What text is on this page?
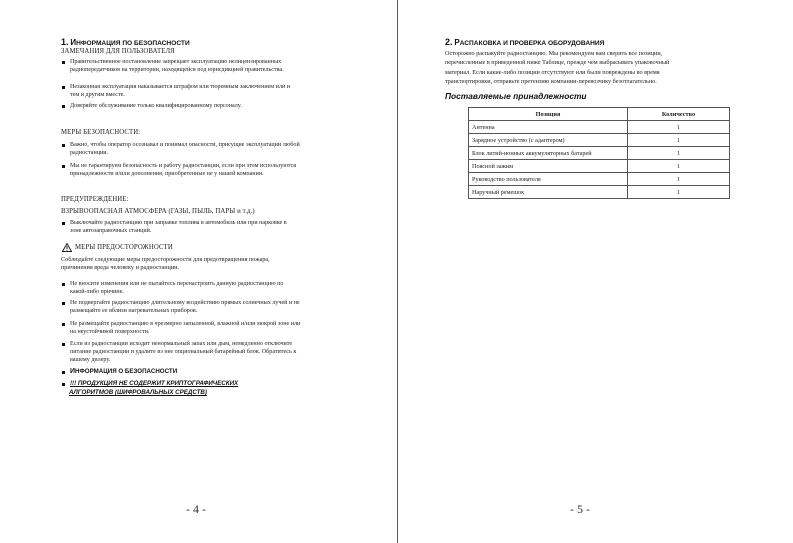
1. ИНФОРМАЦИЯ ПО БЕЗОПАСНОСТИ
ЗАМЕЧАНИЯ ДЛЯ ПОЛЬЗОВАТЕЛЯ
Правительственное постановление запрещает эксплуатацию нелицензированных
радиопередатчиков на территории, находящейся под юрисдикцией правительства.
Незаконная эксплуатация наказывается штрафом или тюремным заключением или и
тем и другим вместе.
Доверяйте обслуживание только квалифицированному персоналу.
МЕРЫ БЕЗОПАСНОСТИ:
Важно, чтобы оператор осознавал и понимал опасности, присущие эксплуатации любой
радиостанции.
Мы не гарантируем безопасность и работу радиостанции, если при этом используются
принадлежности и/или дополнения, приобретенные не у нашей компании.
ПРЕДУПРЕЖДЕНИЕ:
ВЗРЫВООПАСНАЯ АТМОСФЕРА (ГАЗЫ, ПЫЛЬ, ПАРЫ и т.д.)
Выключайте радиостанцию при заправке топлива в автомобиль или при парковке в
зоне автозаправочных станций.
МЕРЫ ПРЕДОСТОРОЖНОСТИ
Соблюдайте следующие меры предосторожности для предотвращения пожара,
причинения вреда человеку и радиостанции.
Не вносите изменения или не пытайтесь перенастроить данную радиостанцию по
какой-либо причине.
Не подвергайте радиостанцию длительному воздействию прямых солнечных лучей и не
размещайте ее вблизи нагревательных приборов.
Не размещайте радиостанцию в чрезмерно запыленной, влажной и/или мокрой зоне или
на неустойчивой поверхности.
Если из радиостанции исходит ненормальный запах или дым, немедленно отключите
питание радиостанции и удалите из нее опциональный батарейный блок. Обратитесь к
вашему дилеру.
ИНФОРМАЦИЯ О БЕЗОПАСНОСТИ
!!! ПРОДУКЦИЯ НЕ СОДЕРЖИТ КРИПТОГРАФИЧЕСКИХ
АЛГОРИТМОВ (ШИФРОВАЛЬНЫХ СРЕДСТВ)
- 4 -
2. РАСПАКОВКА И ПРОВЕРКА ОБОРУДОВАНИЯ
Осторожно распакуйте радиостанцию. Мы рекомендуем вам сверить все позиции,
перечисленные в приведенной ниже Таблице, прежде чем выбрасывать упаковочный
материал. Если какие-либо позиции отсутствуют или были повреждены во время
транспортировки, отправьте претензию компании-перевозчику безотлагательно.
Поставляемые принадлежности
- 5 -
Позиция	Количество
Антенна	1
Зарядное устройство (с адаптером)	1
Блок литий-ионных аккумуляторных батарей	1
Поясной зажим	1
Руководство пользователя	1
Наручный ремешок	1
